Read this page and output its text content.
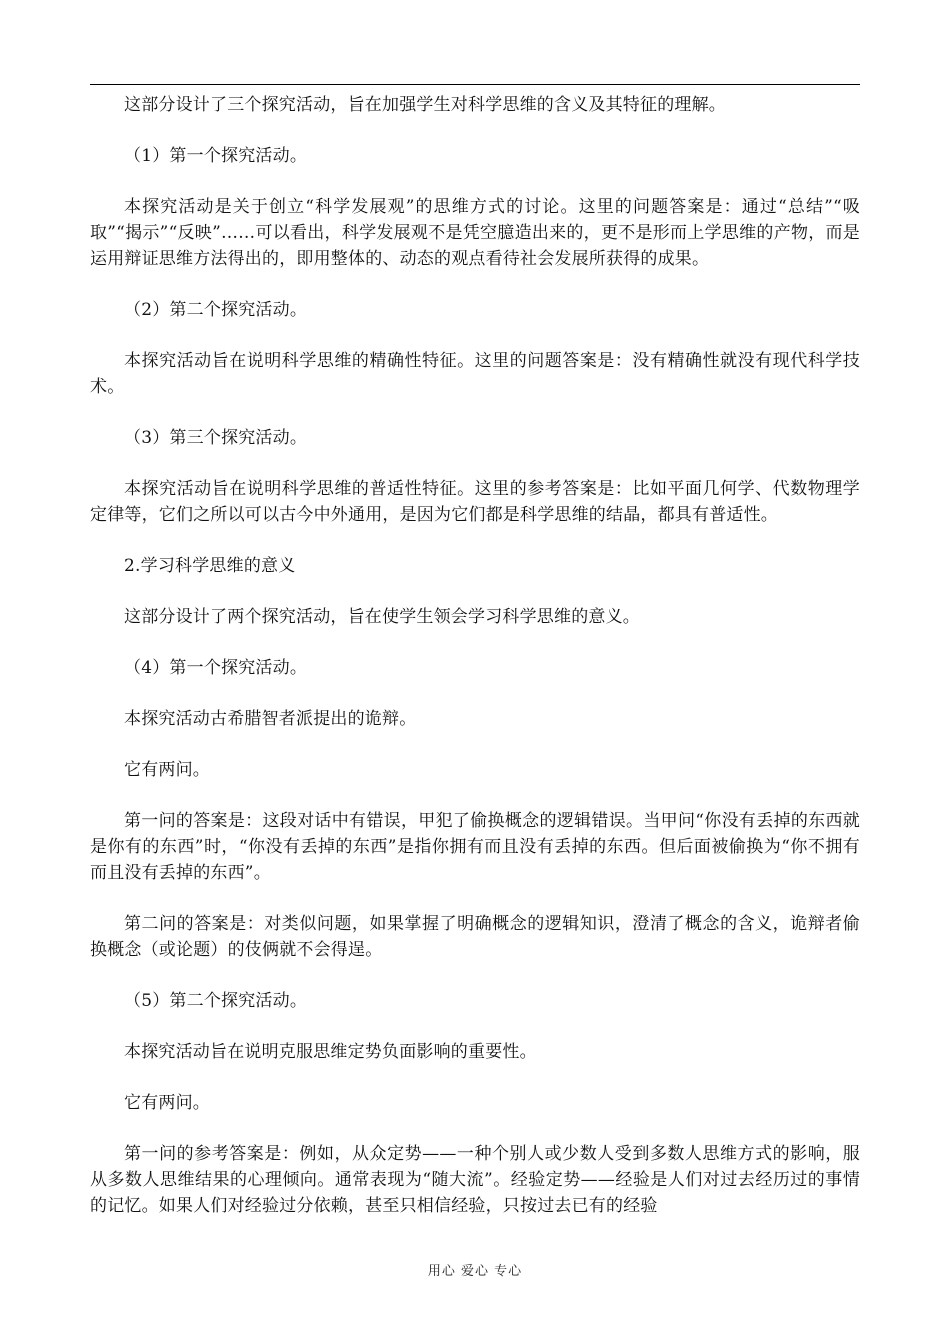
这部分设计了三个探究活动，旨在加强学生对科学思维的含义及其特征的理解。

（1）第一个探究活动。

本探究活动是关于创立“科学发展观”的思维方式的讨论。这里的问题答案是：通过“总结”“吸取”“揭示”“反映”……可以看出，科学发展观不是凭空臆造出来的，更不是形而上学思维的产物，而是运用辩证思维方法得出的，即用整体的、动态的观点看待社会发展所获得的成果。

（2）第二个探究活动。

本探究活动旨在说明科学思维的精确性特征。这里的问题答案是：没有精确性就没有现代科学技术。

（3）第三个探究活动。

本探究活动旨在说明科学思维的普适性特征。这里的参考答案是：比如平面几何学、代数物理学定律等，它们之所以可以古今中外通用，是因为它们都是科学思维的结晶，都具有普适性。

2.学习科学思维的意义

这部分设计了两个探究活动，旨在使学生领会学习科学思维的意义。

（4）第一个探究活动。

本探究活动古希腊智者派提出的诡辩。

它有两问。

第一问的答案是：这段对话中有错误，甲犯了偷换概念的逻辑错误。当甲问“你没有丢掉的东西就是你有的东西”时，“你没有丢掉的东西”是指你拥有而且没有丢掉的东西。但后面被偷换为“你不拥有而且没有丢掉的东西”。

第二问的答案是：对类似问题，如果掌握了明确概念的逻辑知识，澄清了概念的含义，诡辩者偷换概念（或论题）的伎俩就不会得逞。

（5）第二个探究活动。

本探究活动旨在说明克服思维定势负面影响的重要性。

它有两问。

第一问的参考答案是：例如，从众定势——一种个别人或少数人受到多数人思维方式的影响，服从多数人思维结果的心理倾向。通常表现为“随大流”。经验定势——经验是人们对过去经历过的事情的记忆。如果人们对经验过分依赖，甚至只相信经验，只按过去已有的经验

用心 爱心 专心
